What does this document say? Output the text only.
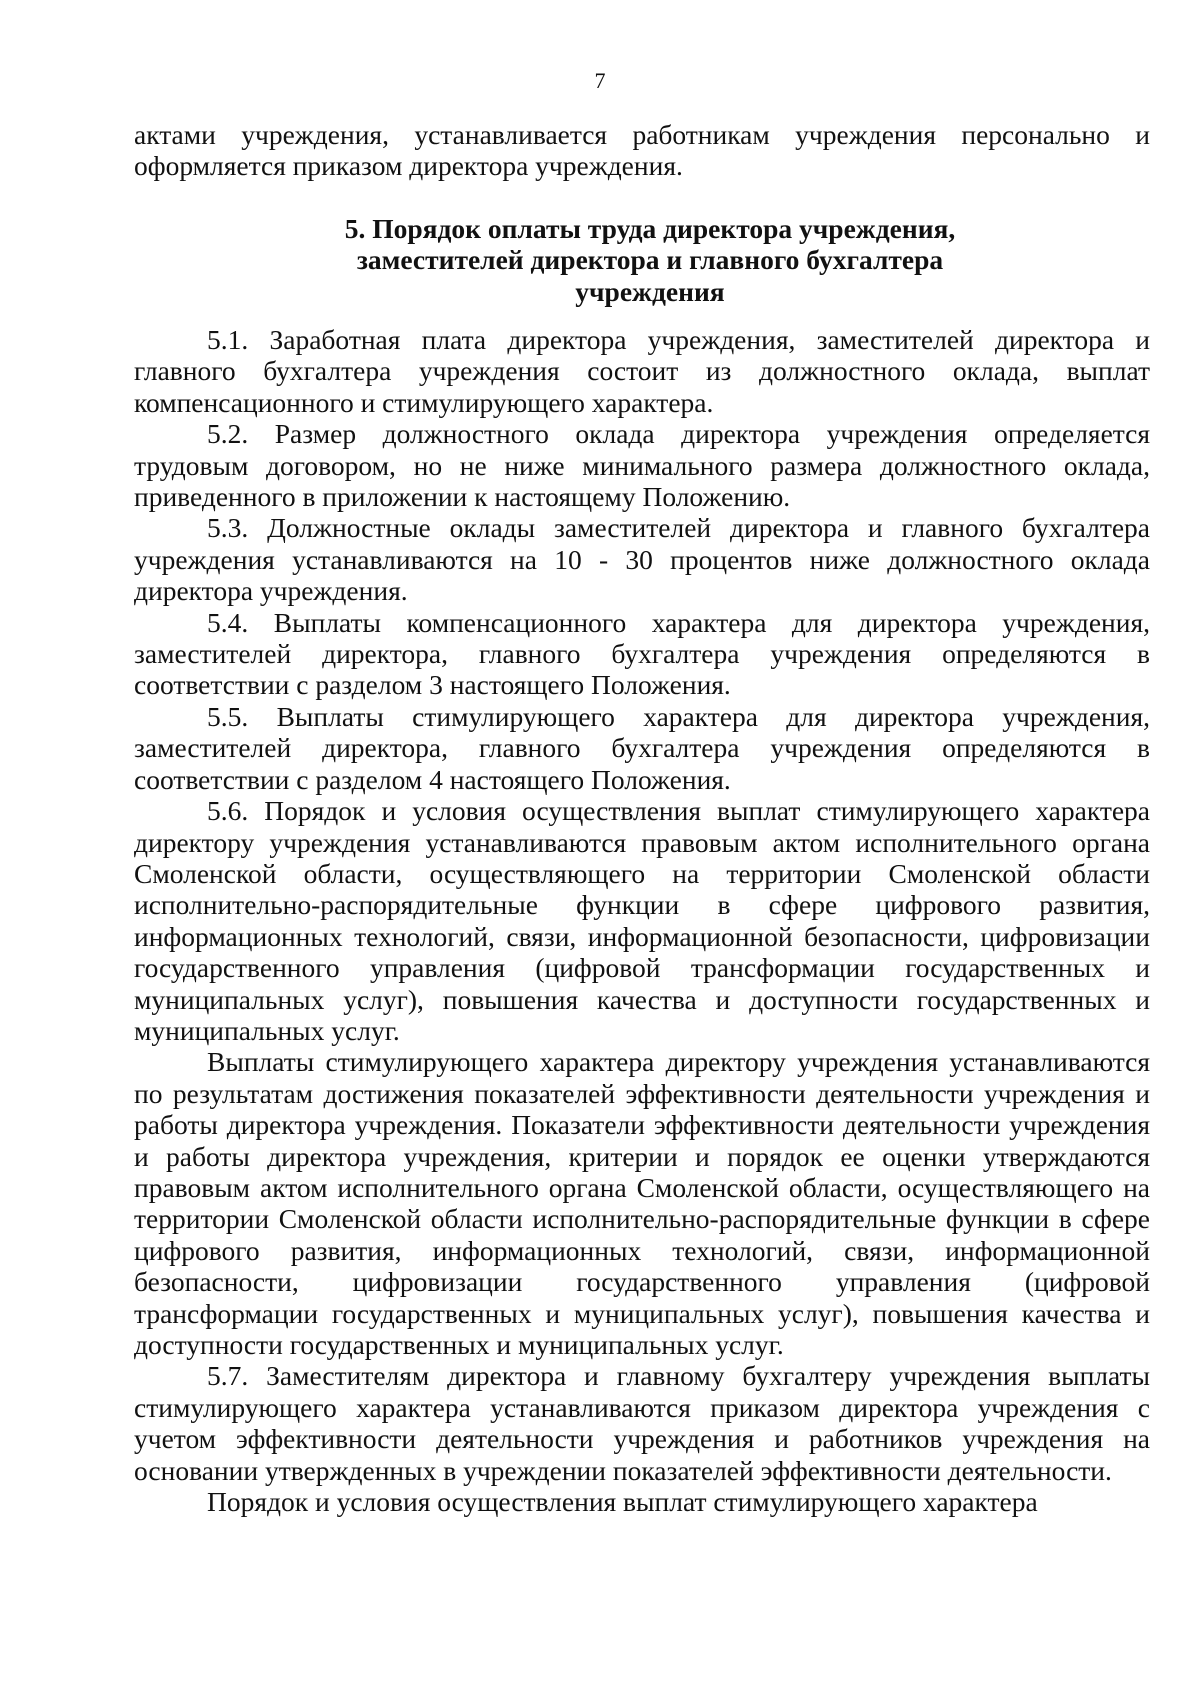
7

актами учреждения, устанавливается работникам учреждения персонально и оформляется приказом директора учреждения.

5. Порядок оплаты труда директора учреждения,
заместителей директора и главного бухгалтера
учреждения

5.1. Заработная плата директора учреждения, заместителей директора и главного бухгалтера учреждения состоит из должностного оклада, выплат компенсационного и стимулирующего характера.

5.2. Размер должностного оклада директора учреждения определяется трудовым договором, но не ниже минимального размера должностного оклада, приведенного в приложении к настоящему Положению.

5.3. Должностные оклады заместителей директора и главного бухгалтера учреждения устанавливаются на 10 - 30 процентов ниже должностного оклада директора учреждения.

5.4. Выплаты компенсационного характера для директора учреждения, заместителей директора, главного бухгалтера учреждения определяются в соответствии с разделом 3 настоящего Положения.

5.5. Выплаты стимулирующего характера для директора учреждения, заместителей директора, главного бухгалтера учреждения определяются в соответствии с разделом 4 настоящего Положения.

5.6. Порядок и условия осуществления выплат стимулирующего характера директору учреждения устанавливаются правовым актом исполнительного органа Смоленской области, осуществляющего на территории Смоленской области исполнительно-распорядительные функции в сфере цифрового развития, информационных технологий, связи, информационной безопасности, цифровизации государственного управления (цифровой трансформации государственных и муниципальных услуг), повышения качества и доступности государственных и муниципальных услуг.

Выплаты стимулирующего характера директору учреждения устанавливаются по результатам достижения показателей эффективности деятельности учреждения и работы директора учреждения. Показатели эффективности деятельности учреждения и работы директора учреждения, критерии и порядок ее оценки утверждаются правовым актом исполнительного органа Смоленской области, осуществляющего на территории Смоленской области исполнительно-распорядительные функции в сфере цифрового развития, информационных технологий, связи, информационной безопасности, цифровизации государственного управления (цифровой трансформации государственных и муниципальных услуг), повышения качества и доступности государственных и муниципальных услуг.

5.7. Заместителям директора и главному бухгалтеру учреждения выплаты стимулирующего характера устанавливаются приказом директора учреждения с учетом эффективности деятельности учреждения и работников учреждения на основании утвержденных в учреждении показателей эффективности деятельности.

Порядок и условия осуществления выплат стимулирующего характера
